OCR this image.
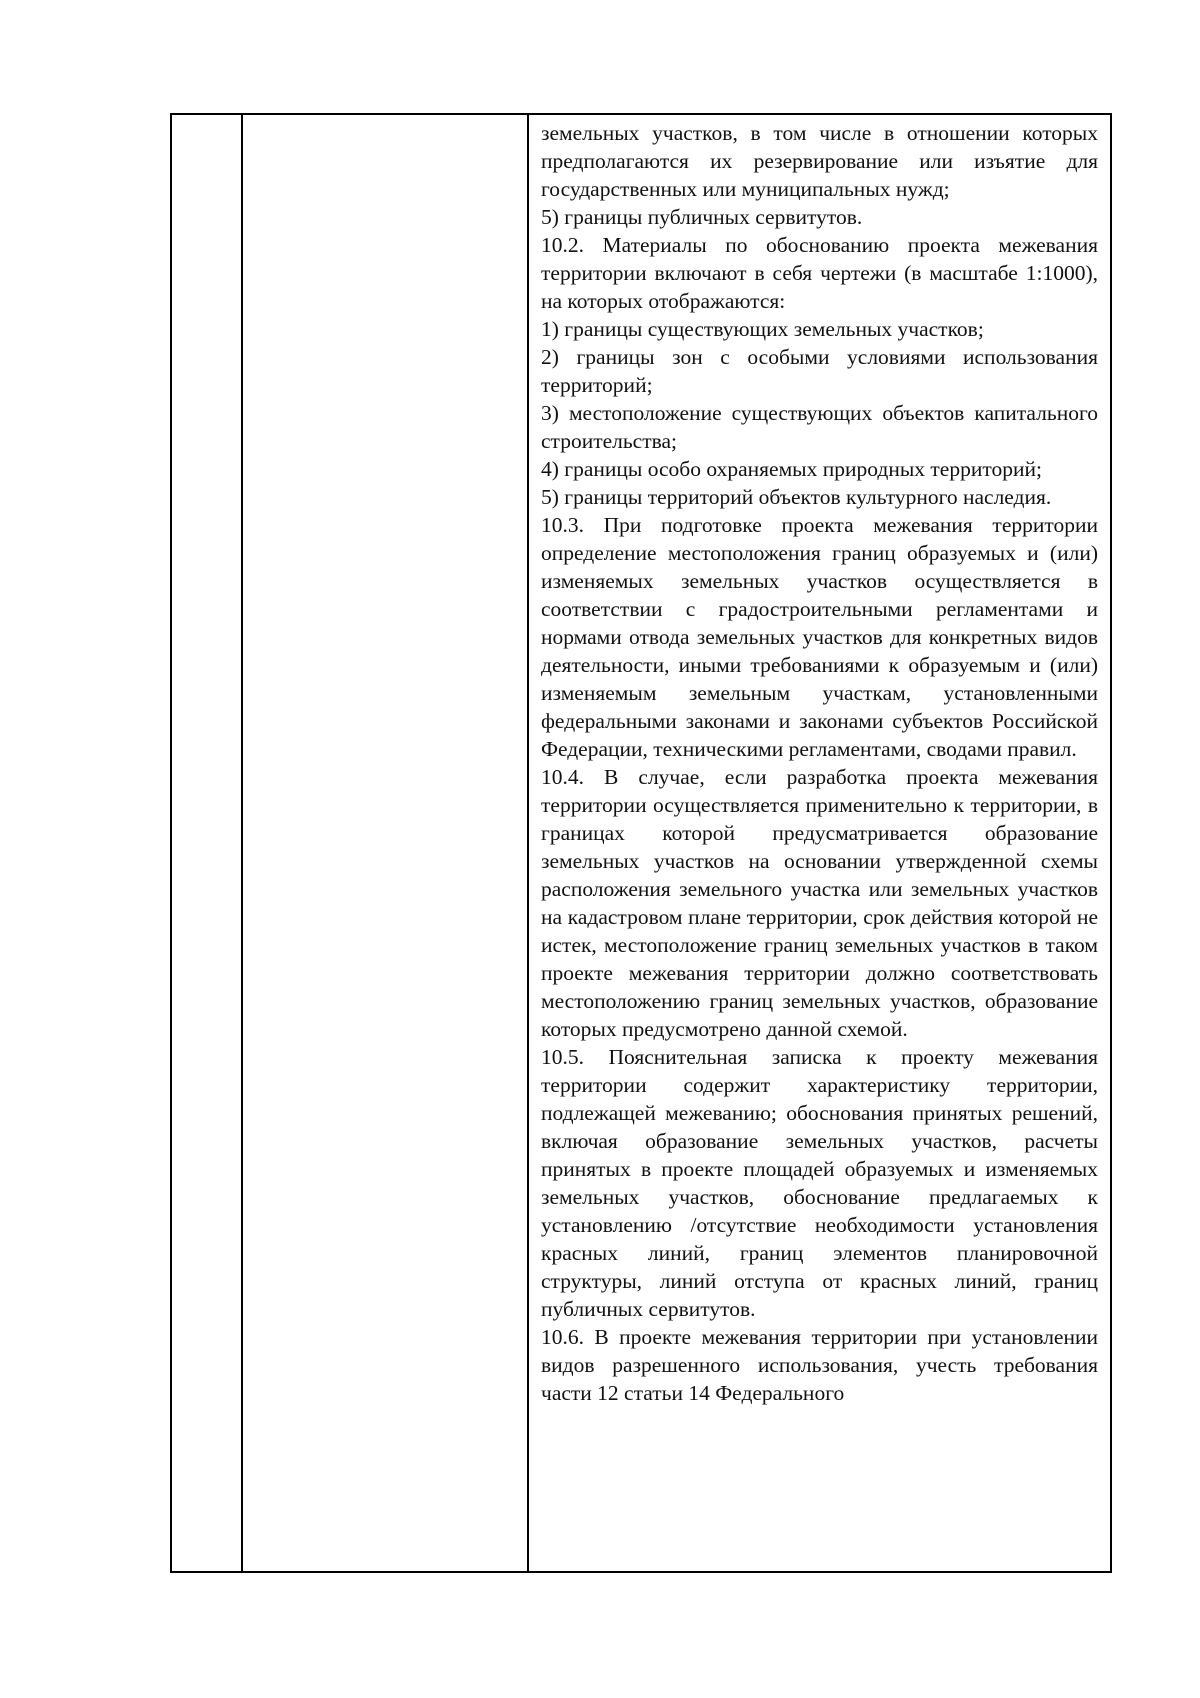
земельных участков, в том числе в отношении которых предполагаются их резервирование или изъятие для государственных или муниципальных нужд;

5) границы публичных сервитутов.

10.2. Материалы по обоснованию проекта межевания территории включают в себя чертежи (в масштабе 1:1000), на которых отображаются:

1) границы существующих земельных участков;

2) границы зон с особыми условиями использования территорий;

3) местоположение существующих объектов капитального строительства;

4) границы особо охраняемых природных территорий;

5) границы территорий объектов культурного наследия.

10.3. При подготовке проекта межевания территории определение местоположения границ образуемых и (или) изменяемых земельных участков осуществляется в соответствии с градостроительными регламентами и нормами отвода земельных участков для конкретных видов деятельности, иными требованиями к образуемым и (или) изменяемым земельным участкам, установленными федеральными законами и законами субъектов Российской Федерации, техническими регламентами, сводами правил.

10.4. В случае, если разработка проекта межевания территории осуществляется применительно к территории, в границах которой предусматривается образование земельных участков на основании утвержденной схемы расположения земельного участка или земельных участков на кадастровом плане территории, срок действия которой не истек, местоположение границ земельных участков в таком проекте межевания территории должно соответствовать местоположению границ земельных участков, образование которых предусмотрено данной схемой.

10.5. Пояснительная записка к проекту межевания территории содержит характеристику территории, подлежащей межеванию; обоснования принятых решений, включая образование земельных участков, расчеты принятых в проекте площадей образуемых и изменяемых земельных участков, обоснование предлагаемых к установлению /отсутствие необходимости установления красных линий, границ элементов планировочной структуры, линий отступа от красных линий, границ публичных сервитутов.

10.6. В проекте межевания территории при установлении видов разрешенного использования, учесть требования части 12 статьи 14 Федерального
